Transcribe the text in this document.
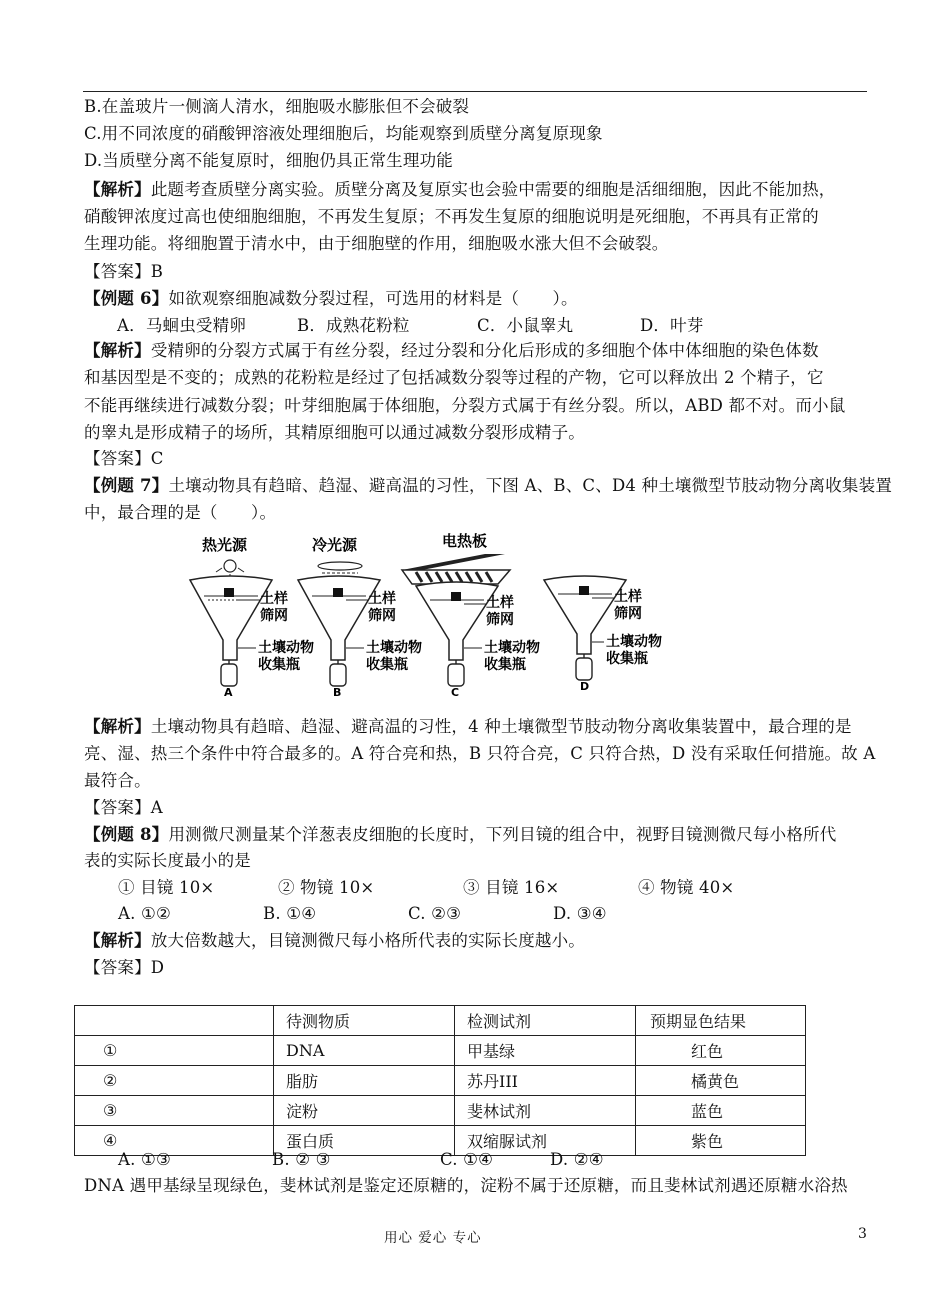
B.在盖玻片一侧滴人清水，细胞吸水膨胀但不会破裂
C.用不同浓度的硝酸钾溶液处理细胞后，均能观察到质壁分离复原现象
D.当质壁分离不能复原时，细胞仍具正常生理功能
【解析】此题考查质壁分离实验。质壁分离及复原实也会验中需要的细胞是活细细胞，因此不能加热，
硝酸钾浓度过高也使细胞细胞，不再发生复原；不再发生复原的细胞说明是死细胞，不再具有正常的
生理功能。将细胞置于清水中，由于细胞壁的作用，细胞吸水涨大但不会破裂。
【答案】B
【例题 6】如欲观察细胞减数分裂过程，可选用的材料是（　　）。
A．马蛔虫受精卵	B．成熟花粉粒	C．小鼠睾丸	D．叶芽
【解析】受精卵的分裂方式属于有丝分裂，经过分裂和分化后形成的多细胞个体中体细胞的染色体数
和基因型是不变的；成熟的花粉粒是经过了包括减数分裂等过程的产物，它可以释放出 2 个精子，它
不能再继续进行减数分裂；叶芽细胞属于体细胞，分裂方式属于有丝分裂。所以，ABD 都不对。而小鼠
的睾丸是形成精子的场所，其精原细胞可以通过减数分裂形成精子。
【答案】C
【例题 7】土壤动物具有趋暗、趋湿、避高温的习性，下图 A、B、C、D4 种土壤微型节肢动物分离收集装置
中，最合理的是（　　）。
热光源	冷光源	电热板
土样
筛网
土壤动物
收集瓶
土样
筛网
土壤动物
收集瓶
土样
筛网
土壤动物
收集瓶
土样
筛网
土壤动物
收集瓶
A	B	C	D
【解析】土壤动物具有趋暗、趋湿、避高温的习性，4 种土壤微型节肢动物分离收集装置中，最合理的是
亮、湿、热三个条件中符合最多的。A 符合亮和热，B 只符合亮，C 只符合热，D 没有采取任何措施。故 A
最符合。
【答案】A
【例题 8】用测微尺测量某个洋葱表皮细胞的长度时，下列目镜的组合中，视野目镜测微尺每小格所代
表的实际长度最小的是
① 目镜 10×	② 物镜 10×	③ 目镜 16×	④ 物镜 40×
A. ①②	B. ①④	C. ②③	D. ③④
【解析】放大倍数越大，目镜测微尺每小格所代表的实际长度越小。
【答案】D
	待测物质	检测试剂	预期显色结果
①	DNA	甲基绿	红色
②	脂肪	苏丹III	橘黄色
③	淀粉	斐林试剂	蓝色
④	蛋白质	双缩脲试剂	紫色
A. ①③	B. ② ③	C. ①④	D. ②④
DNA 遇甲基绿呈现绿色，斐林试剂是鉴定还原糖的，淀粉不属于还原糖，而且斐林试剂遇还原糖水浴热
用心 爱心 专心	3
